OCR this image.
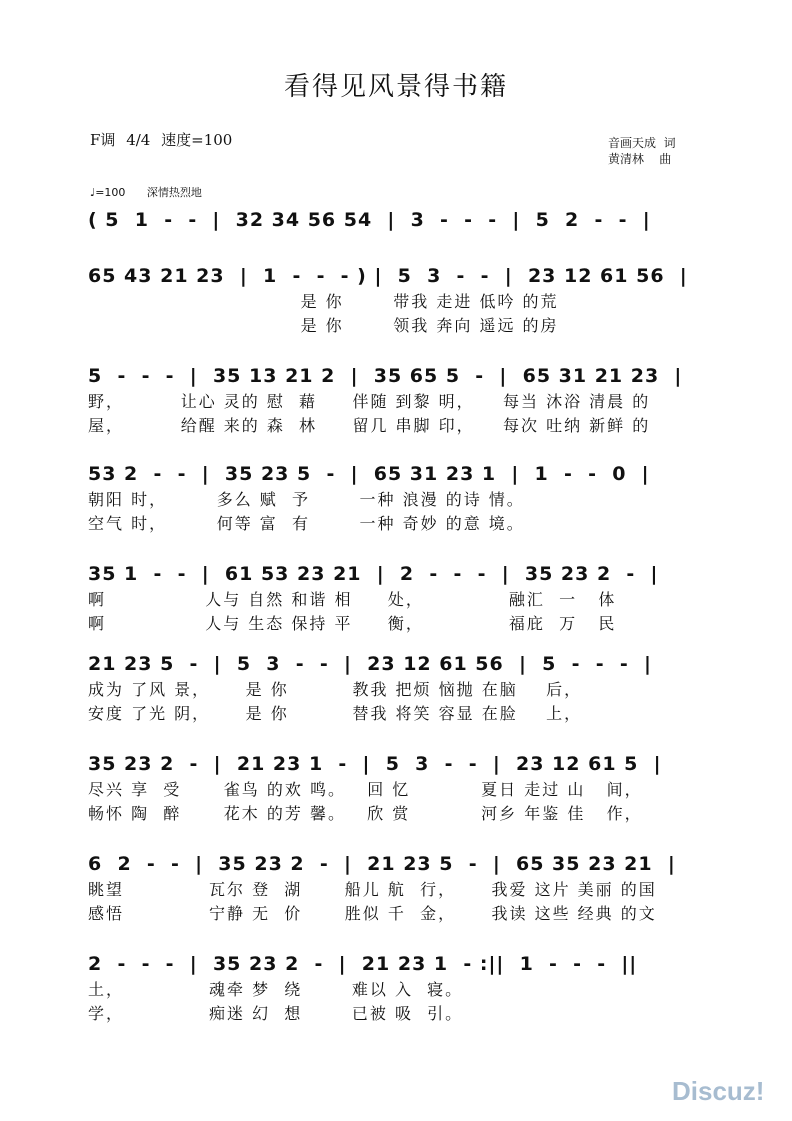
看得见风景得书籍
F调 4/4 速度=100	音画天成  词
黄清林    曲
♩=100 深情热烈地
( 5  1  -  -  |  32 34 56 54  |  3  -  -  -  |  5  2  -  -  |
65 43 21 23  |  1  -  -  - ) |  5  3  -  -  |  23 12 61 56  |
是 你       带我 走进 低吟 的荒
是 你       领我 奔向 遥远 的房
5  -  -  -  |  35 13 21 2  |  35 65 5  -  |  65 31 21 23  |
野，        让心 灵的 慰  藉     伴随 到黎 明，    每当 沐浴 清晨 的
屋，        给醒 来的 森  林     留几 串脚 印，    每次 吐纳 新鲜 的
53 2  -  -  |  35 23 5  -  |  65 31 23 1  |  1  -  -  0  |
朝阳 时，       多么 赋  予       一种 浪漫 的诗 情。
空气 时，       何等 富  有       一种 奇妙 的意 境。
35 1  -  -  |  61 53 23 21  |  2  -  -  -  |  35 23 2  -  |
啊              人与 自然 和谐 相     处，            融汇  一   体
啊              人与 生态 保持 平     衡，            福庇  万   民
21 23 5  -  |  5  3  -  -  |  23 12 61 56  |  5  -  -  -  |
成为 了风 景，     是 你         教我 把烦 恼抛 在脑    后，
安度 了光 阴，     是 你         替我 将笑 容显 在脸    上，
35 23 2  -  |  21 23 1  -  |  5  3  -  -  |  23 12 61 5  |
尽兴 享  受      雀鸟 的欢 鸣。   回 忆          夏日 走过 山   间，
畅怀 陶  醉      花木 的芳 馨。   欣 赏          河乡 年鉴 佳   作，
6  2  -  -  |  35 23 2  -  |  21 23 5  -  |  65 35 23 21  |
眺望            瓦尔 登  湖      船儿 航  行，     我爱 这片 美丽 的国
感悟            宁静 无  价      胜似 千  金，     我读 这些 经典 的文
2  -  -  -  |  35 23 2  -  |  21 23 1  - :||  1  -  -  -  ||
土，            魂牵 梦  绕       难以 入  寝。
学，            痴迷 幻  想       已被 吸  引。
Discuz!
